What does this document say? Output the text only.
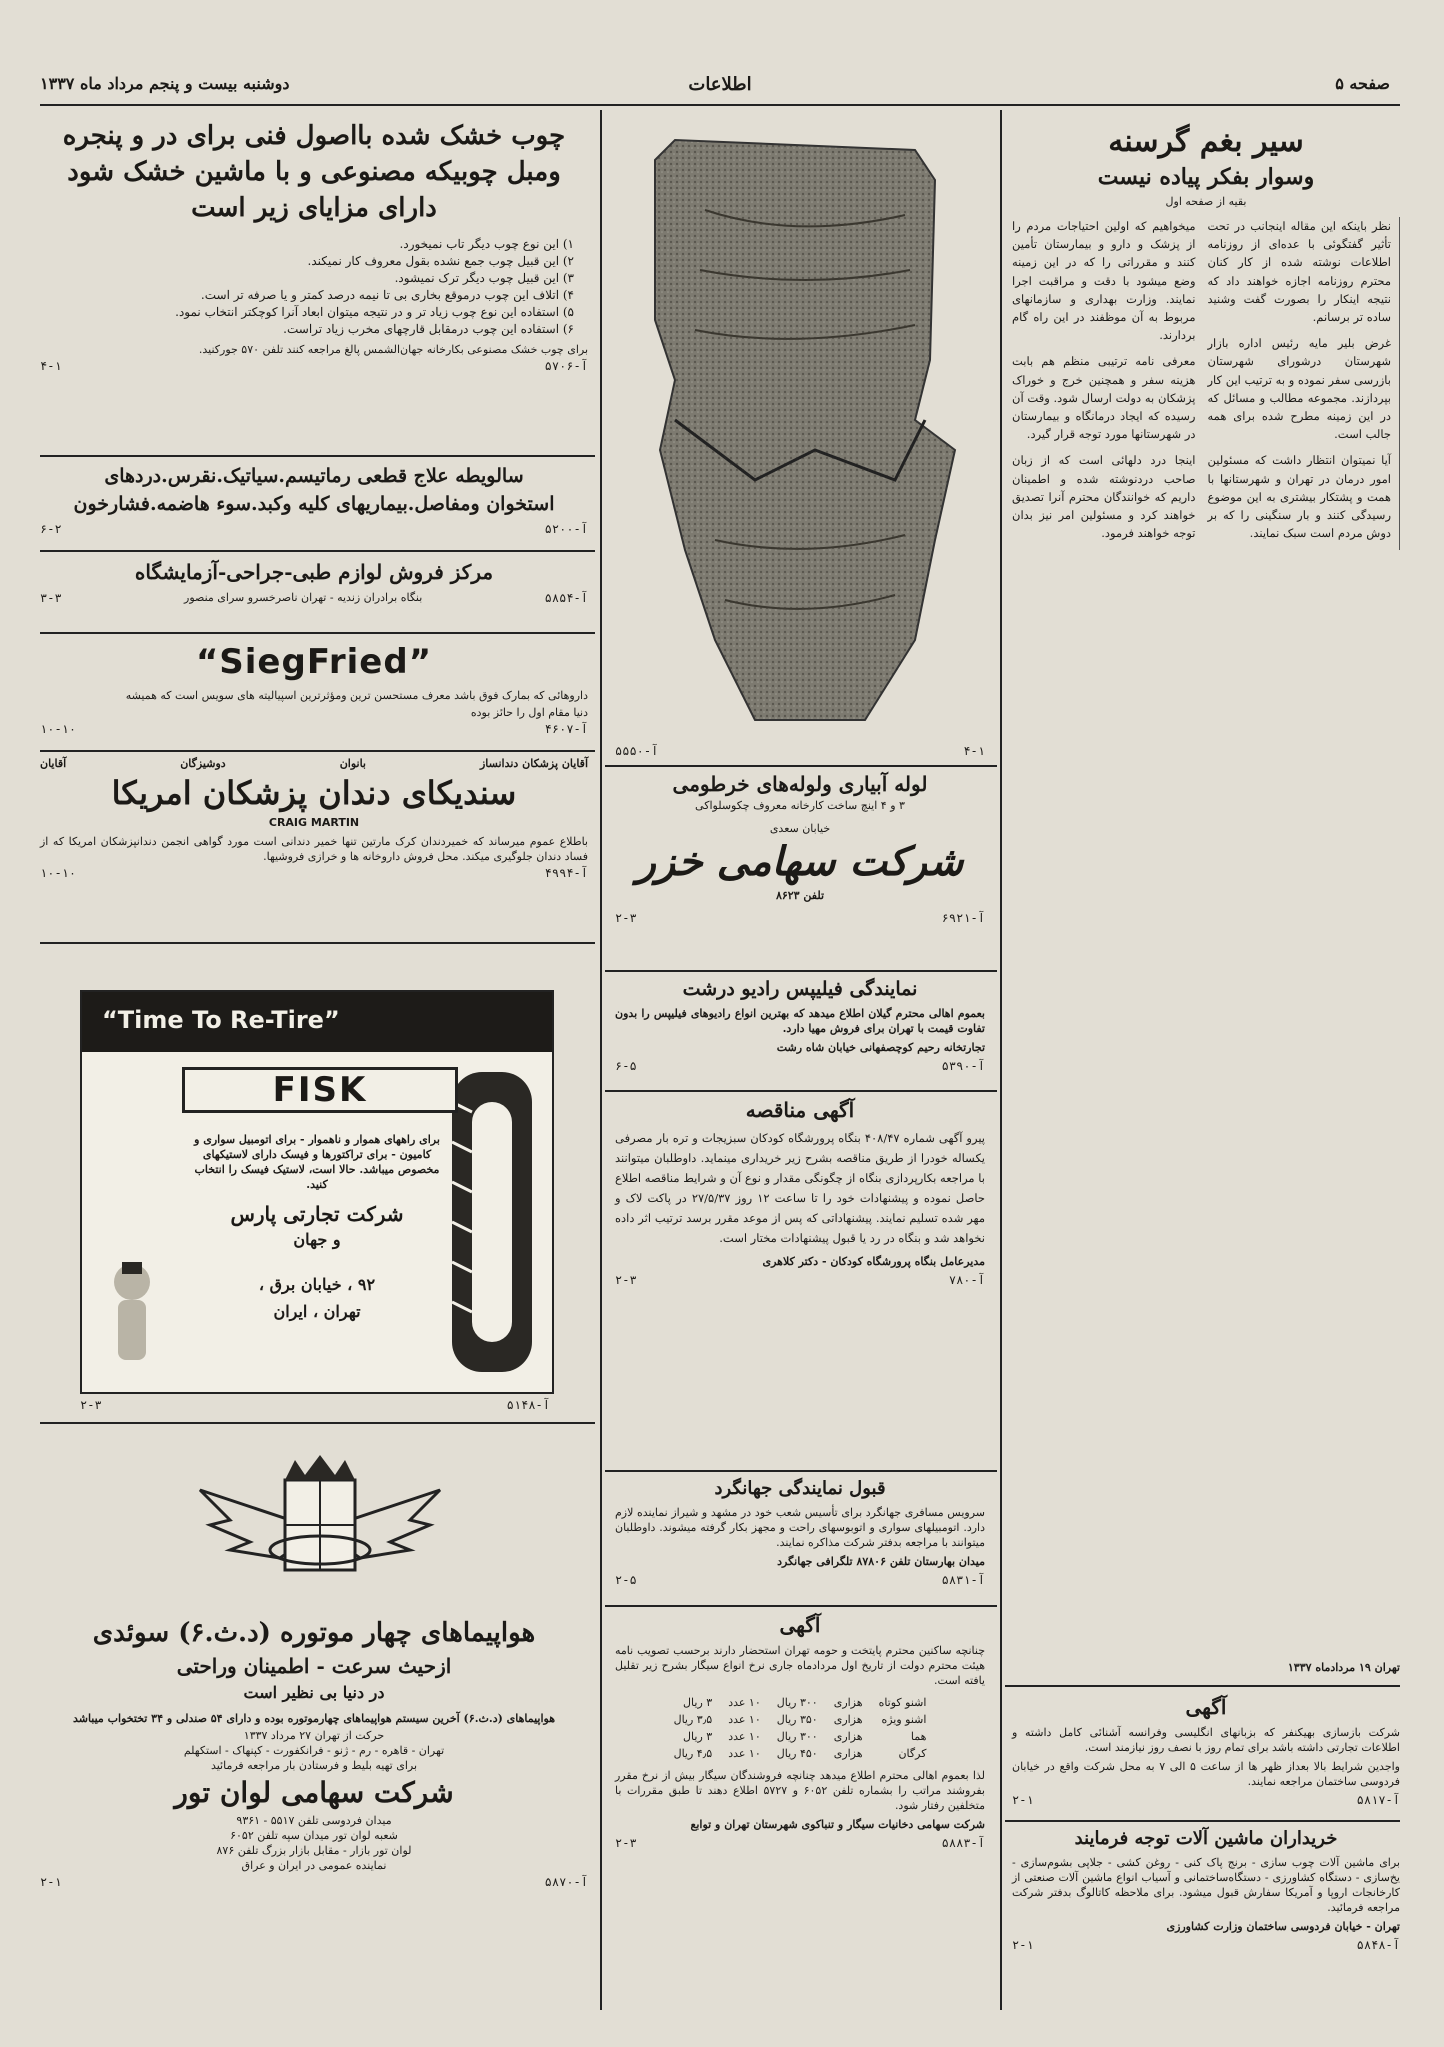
صفحه ۵
اطلاعات
دوشنبه بیست و پنجم مرداد ماه ۱۳۳۷
سیر بغم گرسنه
وسوار بفکر پیاده نیست
بقیه از صفحه اول

میخواهیم که اولین احتیاجات مردم را از پزشک و دارو و بیمارستان تأمین کنند و مقرراتی را که در این زمینه وضع میشود با دقت و مراقبت اجرا نمایند. وزارت بهداری و سازمانهای مربوط به آن موظفند در این راه گام بردارند.

معرفی نامه ترتیبی منظم هم بابت هزینه سفر و همچنین خرج و خوراک پزشکان به دولت ارسال شود. وقت آن رسیده که ایجاد درمانگاه و بیمارستان در شهرستانها مورد توجه قرار گیرد.

اینجا درد دلهائی است که از زبان صاحب دردنوشته شده و اطمینان داریم که خوانندگان محترم آنرا تصدیق خواهند کرد و مسئولین امر نیز بدان توجه خواهند فرمود.

نظر باینکه این مقاله اینجانب در تحت تأثیر گفتگوئی با عده‌ای از روزنامه اطلاعات نوشته شده از کار کنان محترم روزنامه اجازه خواهند داد که نتیجه اینکار را بصورت گفت وشنید ساده تر برسانم.

غرض بلیر مایه رئیس اداره بازار شهرستان درشوراى شهرستان بازرسى سفر نموده و به ترتیب این کار بپردازند. مجموعه مطالب و مسائل که در این زمینه مطرح شده برای همه جالب است.

آیا نمیتوان انتظار داشت که مسئولین امور درمان در تهران و شهرستانها با همت و پشتکار بیشتری به این موضوع رسیدگی کنند و بار سنگینی را که بر دوش مردم است سبک نمایند.

تهران ۱۹ مردادماه ۱۳۳۷
آگهی

شرکت بازسازی بهیکنفر که بزبانهای انگلیسی وفرانسه آشنائی کامل داشته و اطلاعات تجارتی داشته باشد برای تمام روز با نصف روز نیازمند است.

واجدین شرایط بالا بعداز ظهر ها از ساعت ۵ الی ۷ به محل شرکت واقع در خیابان فردوسی ساختمان مراجعه نمایند.

آ-۵۸۱۷
۲-۱
خریداران ماشین آلات توجه فرمایند

برای ماشین آلات چوب سازی - برنج پاک کنی - روغن کشی - جلاپی بشوم‌سازی - یخ‌سازی - دستگاه کشاورزی - دستگاه‌ساختمانی و آسیاب انواع ماشین آلات صنعتی از کارخانجات اروپا و آمریکا سفارش قبول میشود. برای ملاحظه کاتالوگ بدفتر شرکت مراجعه فرمائید.

تهران - خیابان فردوسی ساختمان وزارت کشاورزی

آ-۵۸۴۸
۲-۱
آ-۵۵۵۰	۴-۱
لوله آبیاری ولوله‌های خرطومی
۳ و ۴ اینچ ساخت کارخانه معروف چکوسلواکی
خیابان سعدی
شرکت سهامی خزر
تلفن ۸۶۲۳
آ-۶۹۲۱
۲-۳
نمایندگی فیلیپس رادیو درشت

بعموم اهالی محترم گیلان اطلاع میدهد که بهترین انواع رادیوهای فیلیپس را بدون تفاوت قیمت با تهران برای فروش مهیا دارد.

تجارتخانه رحیم کوچصفهانی خیابان شاه رشت

آ-۵۳۹۰
۶-۵
آگهی مناقصه

پیرو آگهی شماره ۴۰۸/۴۷ بنگاه پرورشگاه کودکان سبزیجات و تره بار مصرفی یکساله خودرا از طریق مناقصه بشرح زیر خریداری مینماید. داوطلبان میتوانند با مراجعه بکارپردازی بنگاه از چگونگی مقدار و نوع آن و شرایط مناقصه اطلاع حاصل نموده و پیشنهادات خود را تا ساعت ۱۲ روز ۲۷/۵/۳۷ در پاکت لاک و مهر شده تسلیم نمایند. پیشنهاداتی که پس از موعد مقرر برسد ترتیب اثر داده نخواهد شد و بنگاه در رد یا قبول پیشنهادات مختار است.

مدیرعامل بنگاه پرورشگاه کودکان - دکتر کلاهری

آ-۷۸۰
۲-۳
قبول نمایندگی جهانگرد

سرویس مسافری جهانگرد برای تأسیس شعب خود در مشهد و شیراز نماینده لازم دارد. اتومبیلهای سواری و اتوبوسهای راحت و مجهز بکار گرفته میشوند. داوطلبان میتوانند با مراجعه بدفتر شرکت مذاکره نمایند.

میدان بهارستان تلفن ۸۷۸۰۶ تلگرافی جهانگرد

آ-۵۸۳۱
۲-۵
آگهی

چنانچه ساکنین محترم پایتخت و حومه تهران استحضار دارند برحسب تصویب نامه هیئت محترم دولت از تاریخ اول مردادماه جاری نرخ انواع سیگار بشرح زیر تقلیل یافته است.

اشنو کوتاه	هزاری	۳۰۰ ریال	۱۰ عدد	۳ ریال
اشنو ویژه	هزاری	۳۵۰ ریال	۱۰ عدد	۳٫۵ ریال
هما	هزاری	۳۰۰ ریال	۱۰ عدد	۳ ریال
کرگان	هزاری	۴۵۰ ریال	۱۰ عدد	۴٫۵ ریال

لذا بعموم اهالی محترم اطلاع میدهد چنانچه فروشندگان سیگار بیش از نرخ مقرر بفروشند مراتب را بشماره تلفن ۶۰۵۲ و ۵۷۲۷ اطلاع دهند تا طبق مقررات با متخلفین رفتار شود.

شرکت سهامی دخانیات سیگار و تنباکوی شهرستان تهران و توابع

آ-۵۸۸۳
۲-۳
چوب خشک شده بااصول فنی برای در و پنجره
ومبل چوبیکه مصنوعی و با ماشین خشک شود
دارای مزایای زیر است
۱) این نوع چوب دیگر تاب نمیخورد.
۲) این قبیل چوب جمع نشده بقول معروف کار نمیکند.
۳) این قبیل چوب دیگر ترک نمیشود.
۴) اتلاف این چوب درموقع بخاری بی تا نیمه درصد کمتر و یا صرفه تر است.
۵) استفاده این نوع چوب زیاد تر و در نتیجه میتوان ابعاد آنرا کوچکتر انتخاب نمود.
۶) استفاده این چوب درمقابل قارچهای مخرب زیاد تراست.

برای چوب خشک مصنوعی بکارخانه جهان‌الشمس پالغ مراجعه کنند تلفن ۵۷۰ جورکنید.

آ-۵۷۰۶
۴-۱
سالویطه علاج قطعی رماتیسم.سیاتیک.نقرس.دردهای
استخوان ومفاصل.بیماریهای کلیه وکبد.سوء هاضمه.فشارخون
آ-۵۲۰۰
۶-۲
مرکز فروش لوازم طبی-جراحی-آزمایشگاه
آ-۵۸۵۴
بنگاه برادران زندیه - تهران ناصرخسرو سرای منصور
۳-۳
“SiegFried”

داروهائی که بمارک فوق باشد معرف مستحسن ترین ومؤثرترین اسپیالیته های سویس است که همیشه

دنیا مقام اول را حائز بوده

۱۰-۱۰	آ-۴۶۰۷
آقایان پزشکان دندانساز
بانوان
دوشیزگان
آقایان
سندیکای دندان پزشکان امریکا
CRAIG MARTIN

باطلاع عموم میرساند که خمیردندان کرک مارتین تنها خمیر دندانی است مورد گواهی انجمن دندانپزشکان امریکا که از فساد دندان جلوگیری میکند. محل فروش داروخانه ها و خرازی فروشیها.

آ-۴۹۹۴
۱۰-۱۰
“Time To Re-Tire”
FISK

برای راههای هموار و ناهموار - برای اتومبیل سواری و کامیون - برای تراکتورها و فیسک دارای لاستیکهای مخصوص میباشد. حالا است، لاستیک فیسک را انتخاب کنید.

شرکت تجارتی پارس
و جهان
۹۲ ، خیابان برق ،
تهران ، ایران
۲-۳	آ-۵۱۴۸
هواپیماهای چهار موتوره (د.ث.۶) سوئدی
ازحیث سرعت - اطمینان وراحتی
در دنیا بی نظیر است

هواپیماهای (د.ث.۶) آخرین سیستم هواپیماهای چهارموتوره بوده و دارای ۵۴ صندلی و ۳۴ تختخواب میباشد

حرکت از تهران ۲۷ مرداد ۱۳۳۷
تهران - قاهره - رم - ژنو - فرانکفورت - کپنهاک - استکهلم
برای تهیه بلیط و فرستادن بار مراجعه فرمائید
شرکت سهامی لوان تور
میدان فردوسی تلفن ۵۵۱۷ - ۹۳۶۱
شعبه لوان تور میدان سپه تلفن ۶۰۵۲
لوان تور بازار - مقابل بازار بزرگ تلفن ۸۷۶
نماینده عمومی در ایران و عراق
آ-۵۸۷۰
۲-۱
